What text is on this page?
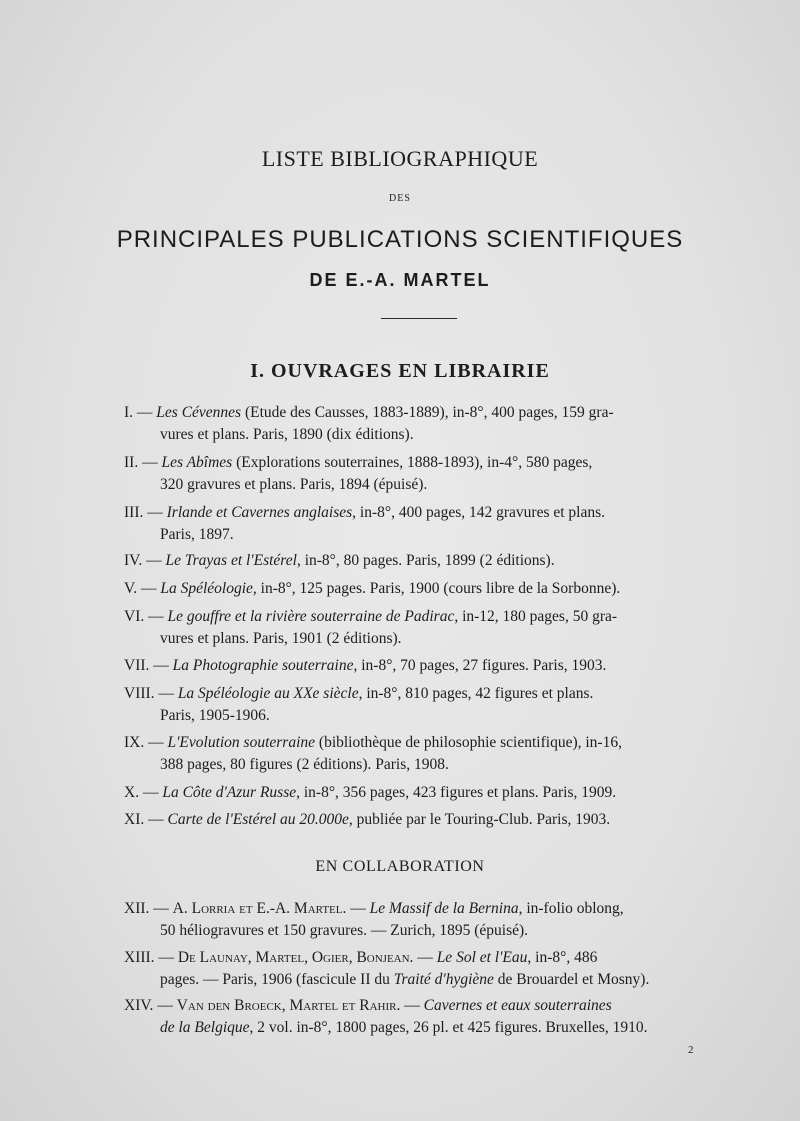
LISTE BIBLIOGRAPHIQUE
DES
PRINCIPALES PUBLICATIONS SCIENTIFIQUES
DE E.-A. MARTEL
I. OUVRAGES EN LIBRAIRIE
I. — Les Cévennes (Etude des Causses, 1883-1889), in-8°, 400 pages, 159 gra-
vures et plans. Paris, 1890 (dix éditions).
II. — Les Abîmes (Explorations souterraines, 1888-1893), in-4°, 580 pages,
320 gravures et plans. Paris, 1894 (épuisé).
III. — Irlande et Cavernes anglaises, in-8°, 400 pages, 142 gravures et plans.
Paris, 1897.
IV. — Le Trayas et l'Estérel, in-8°, 80 pages. Paris, 1899 (2 éditions).
V. — La Spéléologie, in-8°, 125 pages. Paris, 1900 (cours libre de la Sorbonne).
VI. — Le gouffre et la rivière souterraine de Padirac, in-12, 180 pages, 50 gra-
vures et plans. Paris, 1901 (2 éditions).
VII. — La Photographie souterraine, in-8°, 70 pages, 27 figures. Paris, 1903.
VIII. — La Spéléologie au XXe siècle, in-8°, 810 pages, 42 figures et plans.
Paris, 1905-1906.
IX. — L'Evolution souterraine (bibliothèque de philosophie scientifique), in-16,
388 pages, 80 figures (2 éditions). Paris, 1908.
X. — La Côte d'Azur Russe, in-8°, 356 pages, 423 figures et plans. Paris, 1909.
XI. — Carte de l'Estérel au 20.000e, publiée par le Touring-Club. Paris, 1903.
EN COLLABORATION
XII. — A. Lorria et E.-A. Martel. — Le Massif de la Bernina, in-folio oblong,
50 héliogravures et 150 gravures. — Zurich, 1895 (épuisé).
XIII. — De Launay, Martel, Ogier, Bonjean. — Le Sol et l'Eau, in-8°, 486
pages. — Paris, 1906 (fascicule II du Traité d'hygiène de Brouardel et Mosny).
XIV. — Van den Broeck, Martel et Rahir. — Cavernes et eaux souterraines
de la Belgique, 2 vol. in-8°, 1800 pages, 26 pl. et 425 figures. Bruxelles, 1910.
2
